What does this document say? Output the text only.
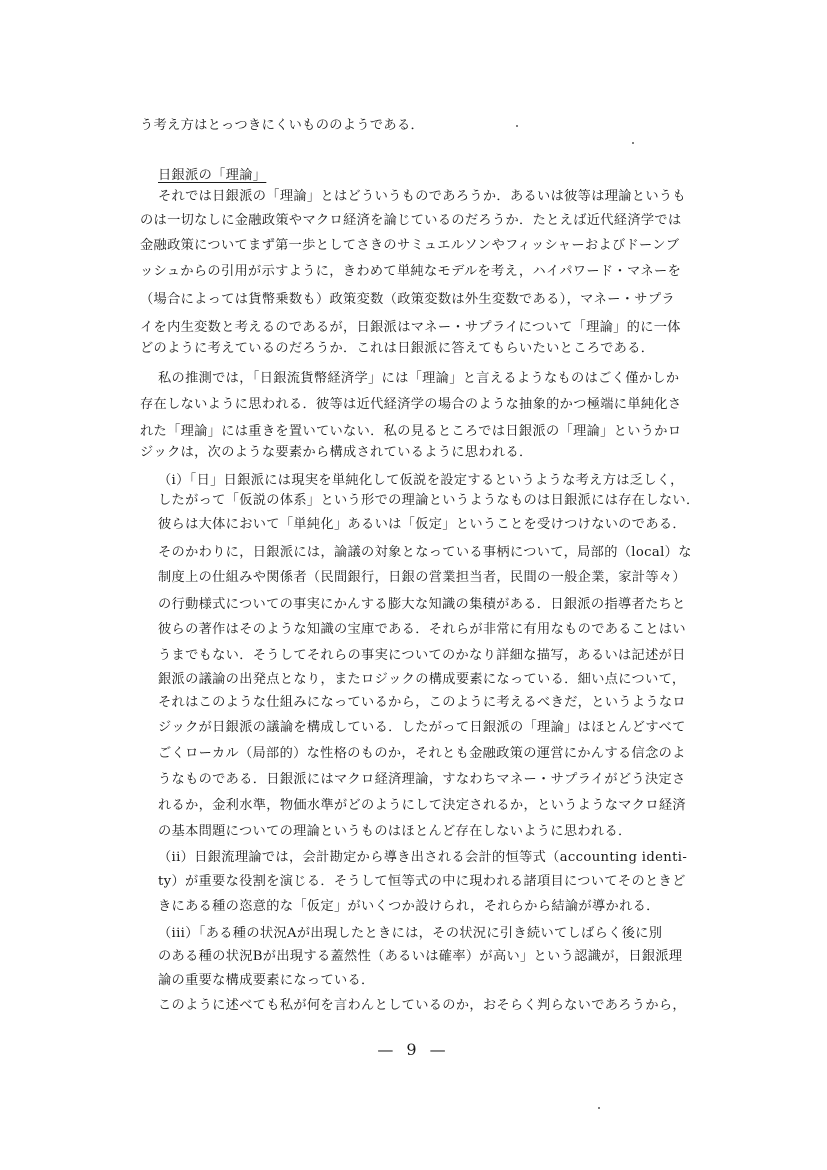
う考え方はとっつきにくいもののようである．
日銀派の「理論」
それでは日銀派の「理論」とはどういうものであろうか．あるいは彼等は理論というも
のは一切なしに金融政策やマクロ経済を論じているのだろうか．たとえば近代経済学では
金融政策についてまず第一歩としてさきのサミュエルソンやフィッシャーおよびドーンブ
ッシュからの引用が示すように，きわめて単純なモデルを考え，ハイパワード・マネーを
（場合によっては貨幣乗数も）政策変数（政策変数は外生変数である），マネー・サプラ
イを内生変数と考えるのであるが，日銀派はマネー・サプライについて「理論」的に一体
どのように考えているのだろうか．これは日銀派に答えてもらいたいところである．
私の推測では，「日銀流貨幣経済学」には「理論」と言えるようなものはごく僅かしか
存在しないように思われる．彼等は近代経済学の場合のような抽象的かつ極端に単純化さ
れた「理論」には重きを置いていない．私の見るところでは日銀派の「理論」というかロ
ジックは，次のような要素から構成されているように思われる．
（i）「日」日銀派には現実を単純化して仮説を設定するというような考え方は乏しく，
したがって「仮説の体系」という形での理論というようなものは日銀派には存在しない．
彼らは大体において「単純化」あるいは「仮定」ということを受けつけないのである．
そのかわりに，日銀派には，論議の対象となっている事柄について，局部的（local）な
制度上の仕組みや関係者（民間銀行，日銀の営業担当者，民間の一般企業，家計等々）
の行動様式についての事実にかんする膨大な知識の集積がある．日銀派の指導者たちと
彼らの著作はそのような知識の宝庫である．それらが非常に有用なものであることはい
うまでもない．そうしてそれらの事実についてのかなり詳細な描写，あるいは記述が日
銀派の議論の出発点となり，またロジックの構成要素になっている．細い点について，
それはこのような仕組みになっているから，このように考えるべきだ，というようなロ
ジックが日銀派の議論を構成している．したがって日銀派の「理論」はほとんどすべて
ごくローカル（局部的）な性格のものか，それとも金融政策の運営にかんする信念のよ
うなものである．日銀派にはマクロ経済理論，すなわちマネー・サプライがどう決定さ
れるか，金利水準，物価水準がどのようにして決定されるか，というようなマクロ経済
の基本問題についての理論というものはほとんど存在しないように思われる．
（ii）日銀流理論では，会計勘定から導き出される会計的恒等式（accounting identi-
ty）が重要な役割を演じる．そうして恒等式の中に現われる諸項目についてそのときど
きにある種の恣意的な「仮定」がいくつか設けられ，それらから結論が導かれる．
（iii）「ある種の状況Aが出現したときには，その状況に引き続いてしばらく後に別
のある種の状況Bが出現する蓋然性（あるいは確率）が高い」という認識が，日銀派理
論の重要な構成要素になっている．
このように述べても私が何を言わんとしているのか，おそらく判らないであろうから，
— 9 —
